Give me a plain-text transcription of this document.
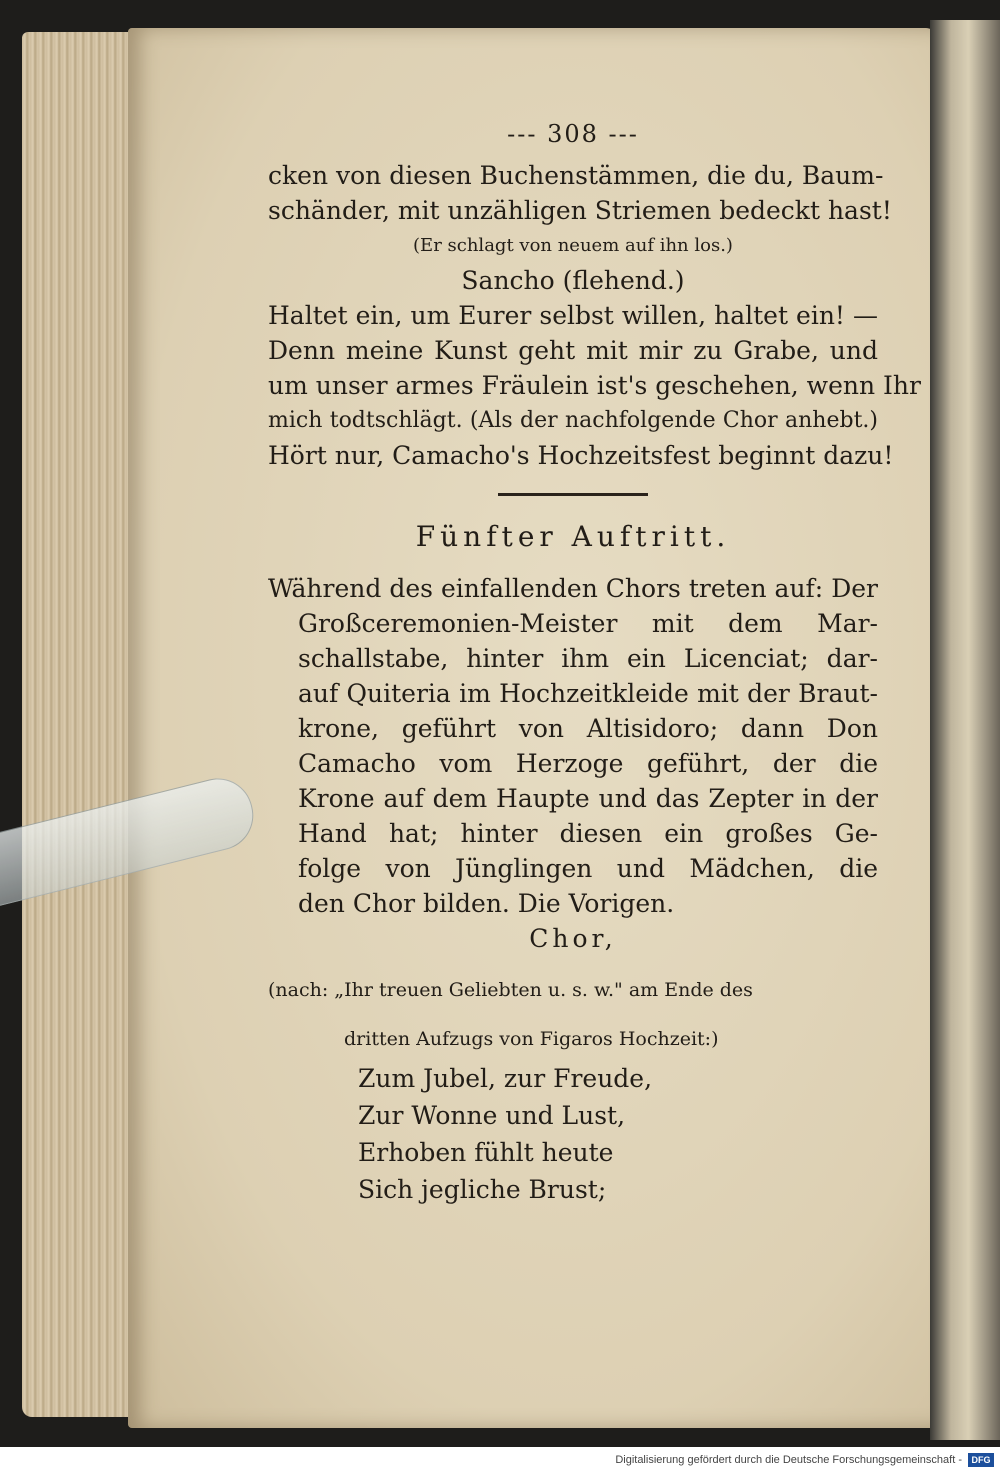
--- 308 ---

cken von diesen Buchenstämmen, die du, Baum-

schänder, mit unzähligen Striemen bedeckt hast!

(Er schlagt von neuem auf ihn los.)

Sancho (flehend.)

Haltet ein, um Eurer selbst willen, haltet ein! —

Denn meine Kunst geht mit mir zu Grabe, und

um unser armes Fräulein ist's geschehen, wenn Ihr

mich todtschlägt. (Als der nachfolgende Chor anhebt.)

Hört nur, Camacho's Hochzeitsfest beginnt dazu!

Fünfter Auftritt.

Während des einfallenden Chors treten auf: Der

Großceremonien-Meister mit dem Mar-

schallstabe, hinter ihm ein Licenciat; dar-

auf Quiteria im Hochzeitkleide mit der Braut-

krone, geführt von Altisidoro; dann Don

Camacho vom Herzoge geführt, der die

Krone auf dem Haupte und das Zepter in der

Hand hat; hinter diesen ein großes Ge-

folge von Jünglingen und Mädchen, die

den Chor bilden. Die Vorigen.

Chor,

(nach: „Ihr treuen Geliebten u. s. w." am Ende des

dritten Aufzugs von Figaros Hochzeit:)

Zum Jubel, zur Freude,

Zur Wonne und Lust,

Erhoben fühlt heute

Sich jegliche Brust;

Digitalisierung gefördert durch die Deutsche Forschungsgemeinschaft -	DFG
